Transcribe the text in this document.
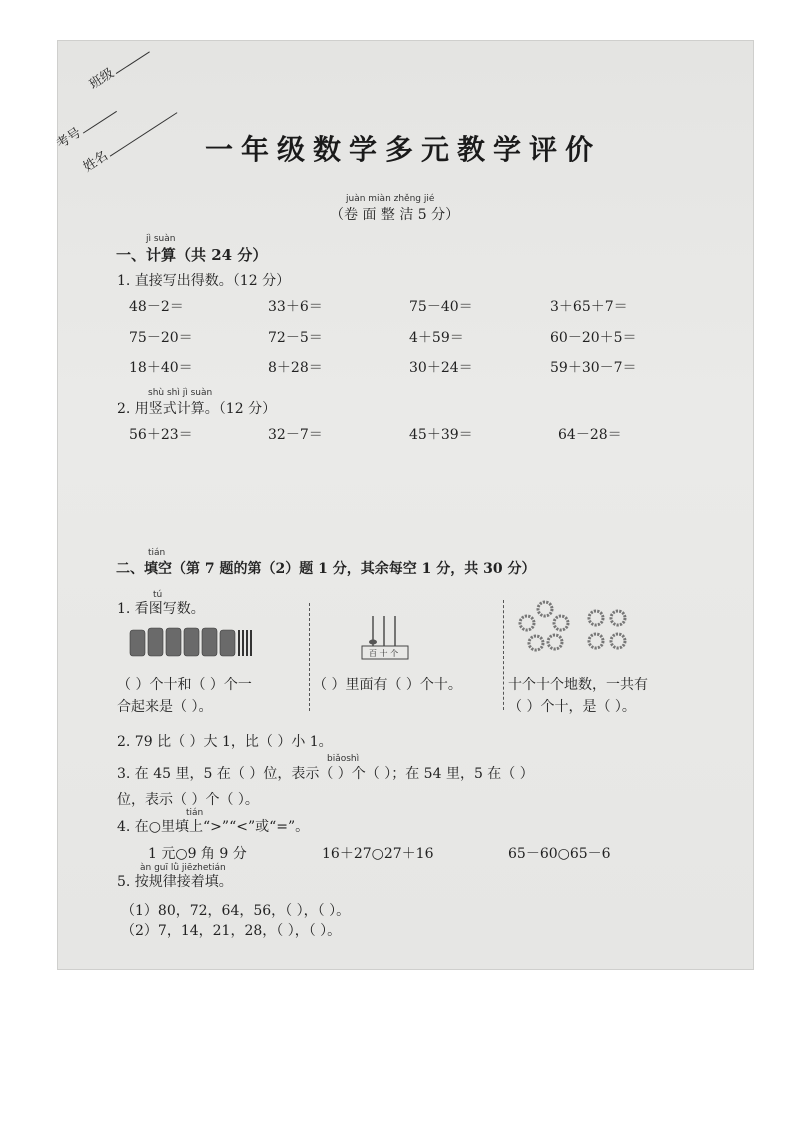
班级
考号
姓名	一年级数学多元教学评价
juàn miàn zhěng jié
（卷 面 整 洁 5 分）
jì suàn
一、计算（共 24 分）
1. 直接写出得数。（12 分）
48－2＝	33＋6＝	75－40＝	3＋65＋7＝
75－20＝	72－5＝	4＋59＝	60－20＋5＝
18＋40＝	8＋28＝	30＋24＝	59＋30－7＝
shù shì jì suàn
2. 用竖式计算。（12 分）
56＋23＝	32－7＝	45＋39＝	64－28＝
tián
二、填空（第 7 题的第（2）题 1 分，其余每空 1 分，共 30 分）
tú
1. 看图写数。
百 十 个
（ ）个十和（ ）个一
合起来是（ ）。
（ ）里面有（ ）个十。	十个十个地数，一共有
（ ）个十，是（ ）。
2. 79 比（ ）大 1，比（ ）小 1。
biǎoshì
3. 在 45 里，5 在（ ）位，表示（ ）个（ ）；在 54 里，5 在（ ）
位，表示（ ）个（ ）。
tián
4. 在○里填上“>”“<”或“=”。
1 元○9 角 9 分	16＋27○27＋16	65－60○65－6
àn guī lǜ jiēzhetián
5. 按规律接着填。
（1）80，72，64，56，（ ），（ ）。
（2）7，14，21，28，（ ），（ ）。
